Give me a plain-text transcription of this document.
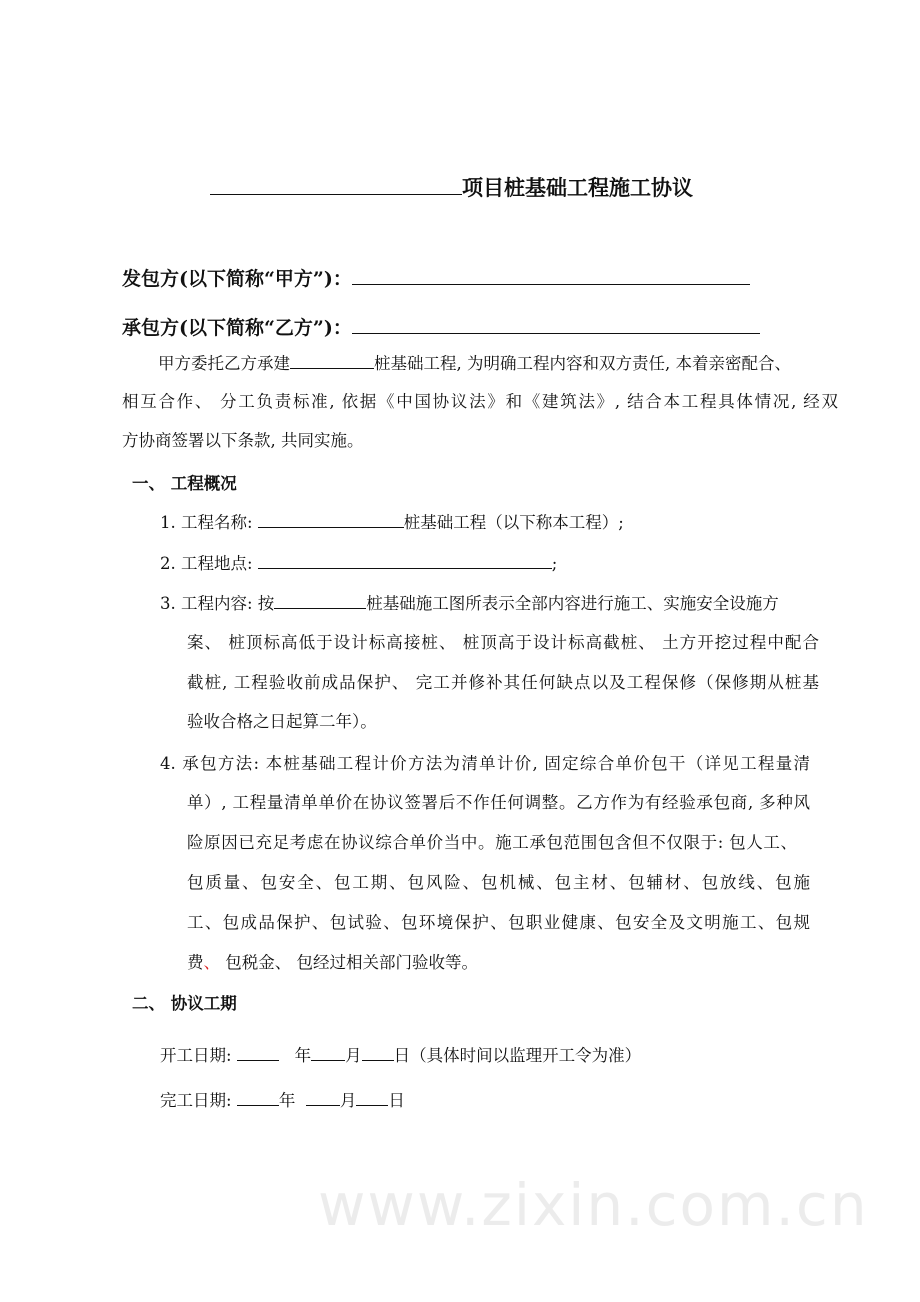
www.zixin.com.cn
项目桩基础工程施工协议
发包方(以下简称“甲方”)：
承包方(以下简称“乙方”)：
甲方委托乙方承建	桩基础工程, 为明确工程内容和双方责任, 本着亲密配合、
相互合作、 分工负责标准, 依据《中国协议法》和《建筑法》, 结合本工程具体情况, 经双
方协商签署以下条款, 共同实施。
一、 工程概况
1. 工程名称:	桩基础工程（以下称本工程）;
2. 工程地点:	;
3. 工程内容: 按	桩基础施工图所表示全部内容进行施工、实施安全设施方
案、 桩顶标高低于设计标高接桩、 桩顶高于设计标高截桩、 土方开挖过程中配合
截桩, 工程验收前成品保护、 完工并修补其任何缺点以及工程保修（保修期从桩基
验收合格之日起算二年）。
4. 承包方法: 本桩基础工程计价方法为清单计价, 固定综合单价包干（详见工程量清
单）, 工程量清单单价在协议签署后不作任何调整。乙方作为有经验承包商, 多种风
险原因已充足考虑在协议综合单价当中。施工承包范围包含但不仅限于: 包人工、
包质量、包安全、包工期、包风险、包机械、包主材、包辅材、包放线、包施
工、包成品保护、包试验、包环境保护、包职业健康、包安全及文明施工、包规
费、 包税金、 包经过相关部门验收等。
二、 协议工期
开工日期:	年 月 日（具体时间以监理开工令为准）
完工日期:	年	月 日
